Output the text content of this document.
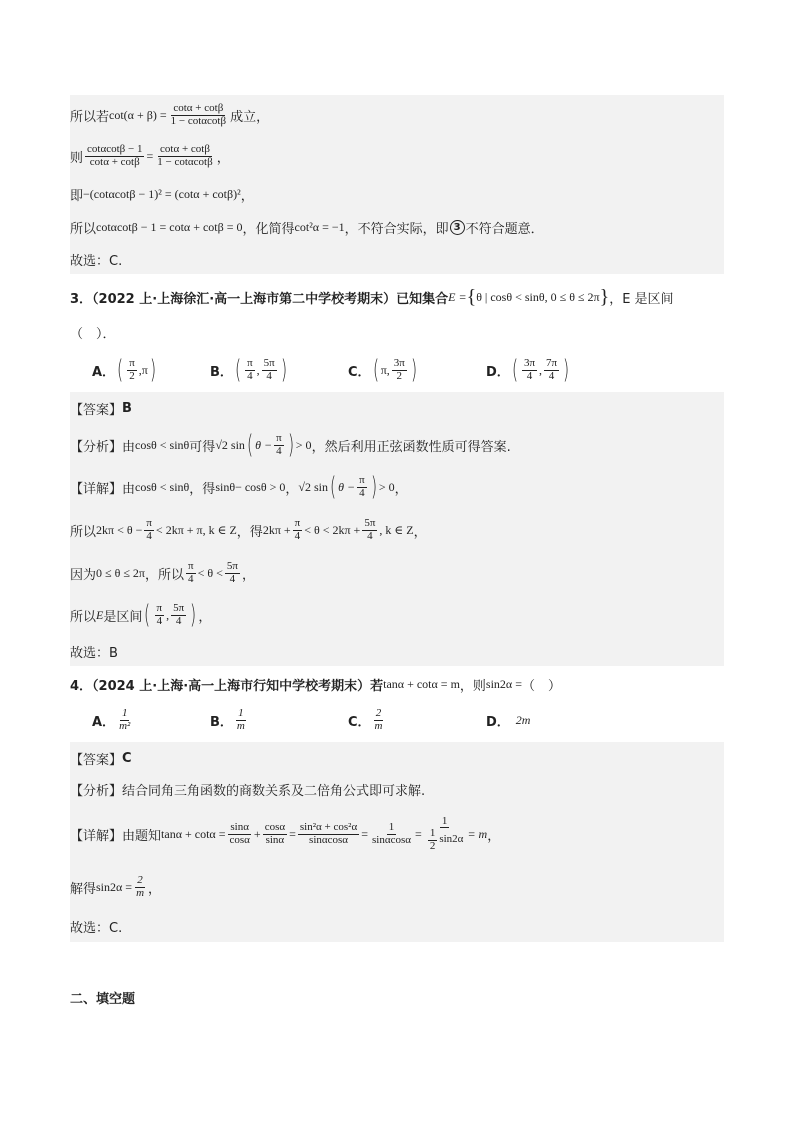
所以若 $\cot(\alpha + \beta) = \frac{\cot\alpha + \cot\beta}{1 - \cot\alpha\cot\beta}$ 成立，
则 $\frac{\cot\alpha\cot\beta - 1}{\cot\alpha + \cot\beta} = \frac{\cot\alpha + \cot\beta}{1 - \cot\alpha\cot\beta}$ ，
即 −(cotαcotβ − 1)² = (cotα + cotβ)² ，
所以 cotαcotβ − 1 = cotα + cotβ = 0 ，化简得 cot²α = −1 ，不符合实际，即 3 不符合题意．
故选：C.
3．（2022 上·上海徐汇·高一上海市第二中学校考期末）已知集合 E = { θ | cosθ < sinθ, 0 ≤ θ ≤ 2π } ，E 是区间
（　）．
A． ( $\frac{\pi}{2}$ , π )	B． ( $\frac{\pi}{4}$ , $\frac{5\pi}{4}$ )	C． ( π , $\frac{3\pi}{2}$ )	D． ( $\frac{3\pi}{4}$ , $\frac{7\pi}{4}$ )
【答案】 B
【分析】 由 cosθ < sinθ 可得 √2 sin ( $\theta - \frac{\pi}{4}$ ) > 0 ，然后利用正弦函数性质可得答案.
【详解】 由 cosθ < sinθ ，得 sinθ− cosθ > 0 ， √2 sin ( $\theta - \frac{\pi}{4}$ ) > 0 ，
所以 $2k\pi < \theta - \frac{\pi}{4} < 2k\pi + \pi$, k ∈ Z ，得 $2k\pi + \frac{\pi}{4} < \theta < 2k\pi + \frac{5\pi}{4}$ , k ∈ Z ，
因为 0 ≤ θ ≤ 2π ，所以 $\frac{\pi}{4} < \theta < \frac{5\pi}{4}$ ，
所以 E 是区间 ( $\frac{\pi}{4}$ , $\frac{5\pi}{4}$ ) ，
故选：B
4．（2024 上·上海·高一上海市行知中学校考期末）若 tanα + cotα = m ，则 sin2α = （　）
A． $\frac{1}{\text{m²}}$	B． $\frac{1}{m}$	C． $\frac{2}{m}$	D． 2m
【答案】 C
【分析】 结合同角三角函数的商数关系及二倍角公式即可求解.
【详解】 由题知 $\tan\alpha + \cot\alpha = \frac{\sin\alpha}{\cos\alpha} + \frac{\cos\alpha}{\sin\alpha} = \frac{\text{sin²α + cos²α}}{\sin\alpha\cos\alpha} = \frac{1}{\sin\alpha\cos\alpha} = \frac{1}{\frac{1}{2} \sin 2\alpha} = m$ ，
解得 $\sin 2\alpha = \frac{2}{m}$ ，
故选：C.
二、填空题
